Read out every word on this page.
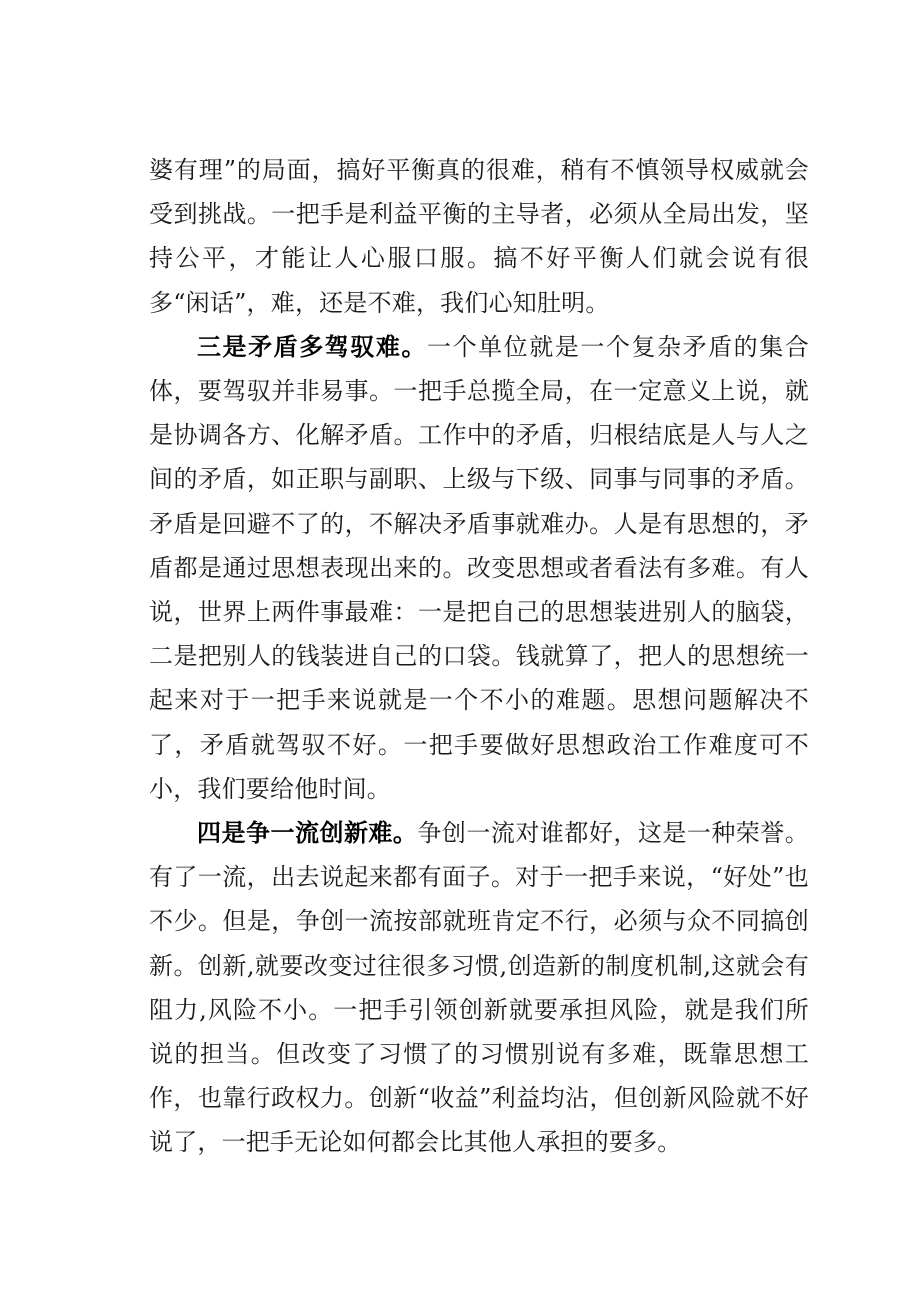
婆有理”的局面，搞好平衡真的很难，稍有不慎领导权威就会受到挑战。一把手是利益平衡的主导者，必须从全局出发，坚持公平，才能让人心服口服。搞不好平衡人们就会说有很多“闲话”，难，还是不难，我们心知肚明。

三是矛盾多驾驭难。一个单位就是一个复杂矛盾的集合体，要驾驭并非易事。一把手总揽全局，在一定意义上说，就是协调各方、化解矛盾。工作中的矛盾，归根结底是人与人之间的矛盾，如正职与副职、上级与下级、同事与同事的矛盾。矛盾是回避不了的，不解决矛盾事就难办。人是有思想的，矛盾都是通过思想表现出来的。改变思想或者看法有多难。有人说，世界上两件事最难：一是把自己的思想装进别人的脑袋，二是把别人的钱装进自己的口袋。钱就算了，把人的思想统一起来对于一把手来说就是一个不小的难题。思想问题解决不了，矛盾就驾驭不好。一把手要做好思想政治工作难度可不小，我们要给他时间。

四是争一流创新难。争创一流对谁都好，这是一种荣誉。有了一流，出去说起来都有面子。对于一把手来说，“好处”也不少。但是，争创一流按部就班肯定不行，必须与众不同搞创新。创新,就要改变过往很多习惯,创造新的制度机制,这就会有阻力,风险不小。一把手引领创新就要承担风险，就是我们所说的担当。但改变了习惯了的习惯别说有多难，既靠思想工作，也靠行政权力。创新“收益”利益均沾，但创新风险就不好说了，一把手无论如何都会比其他人承担的要多。
